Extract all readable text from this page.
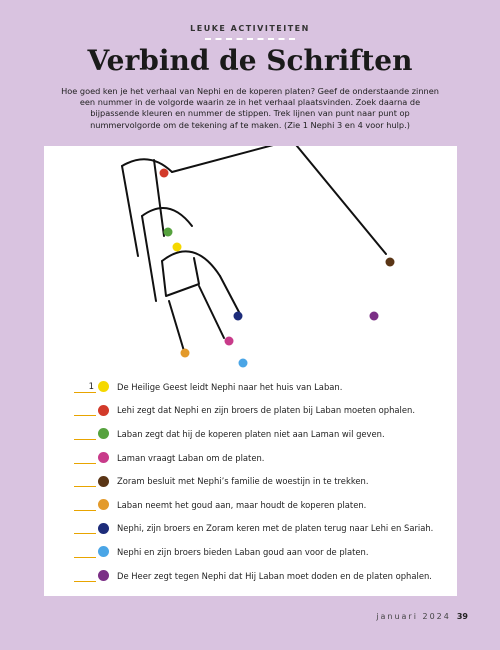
LEUKE ACTIVITEITEN
Verbind de Schriften

Hoe goed ken je het verhaal van Nephi en de koperen platen? Geef de onderstaande zinnen een nummer in de volgorde waarin ze in het verhaal plaatsvinden. Zoek daarna de bijpassende kleuren en nummer de stippen. Trek lijnen van punt naar punt op nummervolgorde om de tekening af te maken. (Zie 1 Nephi 3 en 4 voor hulp.)

1	De Heilige Geest leidt Nephi naar het huis van Laban.
Lehi zegt dat Nephi en zijn broers de platen bij Laban moeten ophalen.
Laban zegt dat hij de koperen platen niet aan Laman wil geven.
Laman vraagt Laban om de platen.
Zoram besluit met Nephi’s familie de woestijn in te trekken.
Laban neemt het goud aan, maar houdt de koperen platen.
Nephi, zijn broers en Zoram keren met de platen terug naar Lehi en Sariah.
Nephi en zijn broers bieden Laban goud aan voor de platen.
De Heer zegt tegen Nephi dat Hij Laban moet doden en de platen ophalen.
januari 2024 39
